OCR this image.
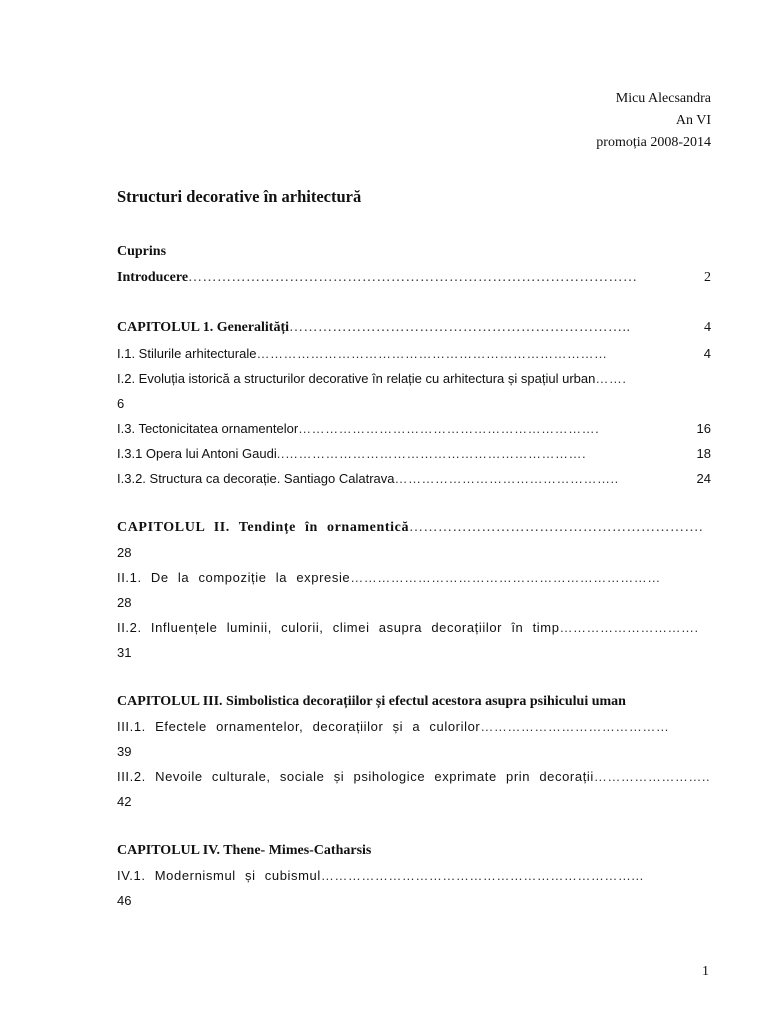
Micu Alecsandra
An VI
promoția 2008-2014
Structuri decorative în arhitectură
Cuprins
Introducere …………………………………………………………………………………	2
CAPITOLUL 1. Generalități ……………………………………………………………..	4
I.1. Stilurile arhitecturale ……………………………………………………………………	4
I.2. Evoluția istorică a structurilor decorative în relație cu arhitectura și spațiul urban …….
6
I.3. Tectonicitatea ornamentelor ………………………………………………………….	16
I.3.1 Opera lui Antoni Gaudi ..………………………………………………………….	18
I.3.2. Structura ca decorație. Santiago Calatrava …………………………………………..	24
CAPITOLUL II. Tendințe în ornamentică …………………………………………………….
28
II.1. De la compoziție la expresie ……………………………………………………………
28
II.2. Influențele luminii, culorii, climei asupra decorațiilor în timp ………………………….
31
CAPITOLUL III. Simbolistica decorațiilor și efectul acestora asupra psihicului uman
III.1. Efectele ornamentelor, decorațiilor și a culorilor ……………………………………
39
III.2. Nevoile culturale, sociale și psihologice exprimate prin decorații ……………………..
42
CAPITOLUL IV. Thene- Mimes-Catharsis
IV.1. Modernismul și cubismul ……………………………………………………………...
46
1
